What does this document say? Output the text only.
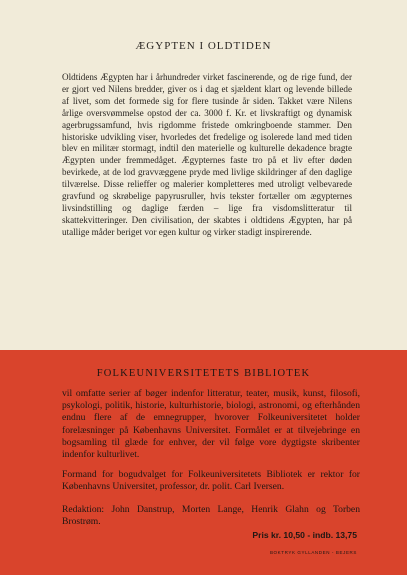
ÆGYPTEN I OLDTIDEN

Oldtidens Ægypten har i århundreder virket fascinerende, og de rige fund, der er gjort ved Nilens bredder, giver os i dag et sjældent klart og levende billede af livet, som det formede sig for flere tusinde år siden. Takket være Nilens årlige oversvømmelse opstod der ca. 3000 f. Kr. et livskraftigt og dynamisk agerbrugssamfund, hvis rigdomme fristede omkringboende stammer. Den historiske udvikling viser, hvorledes det fredelige og isolerede land med tiden blev en militær stormagt, indtil den materielle og kulturelle dekadence bragte Ægypten under fremmedåget. Ægypternes faste tro på et liv efter døden bevirkede, at de lod gravvæggene pryde med livlige skildringer af den daglige tilværelse. Disse relieffer og malerier kompletteres med utroligt velbevarede gravfund og skrøbelige papyrusruller, hvis tekster fortæller om ægypternes livsindstilling og daglige færden – lige fra visdomslitteratur til skattekvitteringer. Den civilisation, der skabtes i oldtidens Ægypten, har på utallige måder beriget vor egen kultur og virker stadigt inspirerende.

FOLKEUNIVERSITETETS BIBLIOTEK

vil omfatte serier af bøger indenfor litteratur, teater, musik, kunst, filosofi, psykologi, politik, historie, kulturhistorie, biologi, astronomi, og efterhånden endnu flere af de emnegrupper, hvorover Folkeuniversitetet holder forelæsninger på Københavns Universitet. Formålet er at tilvejebringe en bogsamling til glæde for enhver, der vil følge vore dygtigste skribenter indenfor kulturlivet.

Formand for bogudvalget for Folkeuniversitetets Bibliotek er rektor for Københavns Universitet, professor, dr. polit. Carl Iversen.

Redaktion: John Danstrup, Morten Lange, Henrik Glahn og Torben Brostrøm.

Pris kr. 10,50 - indb. 13,75
BOKTRYK GYLLANDEN - BEJERS
